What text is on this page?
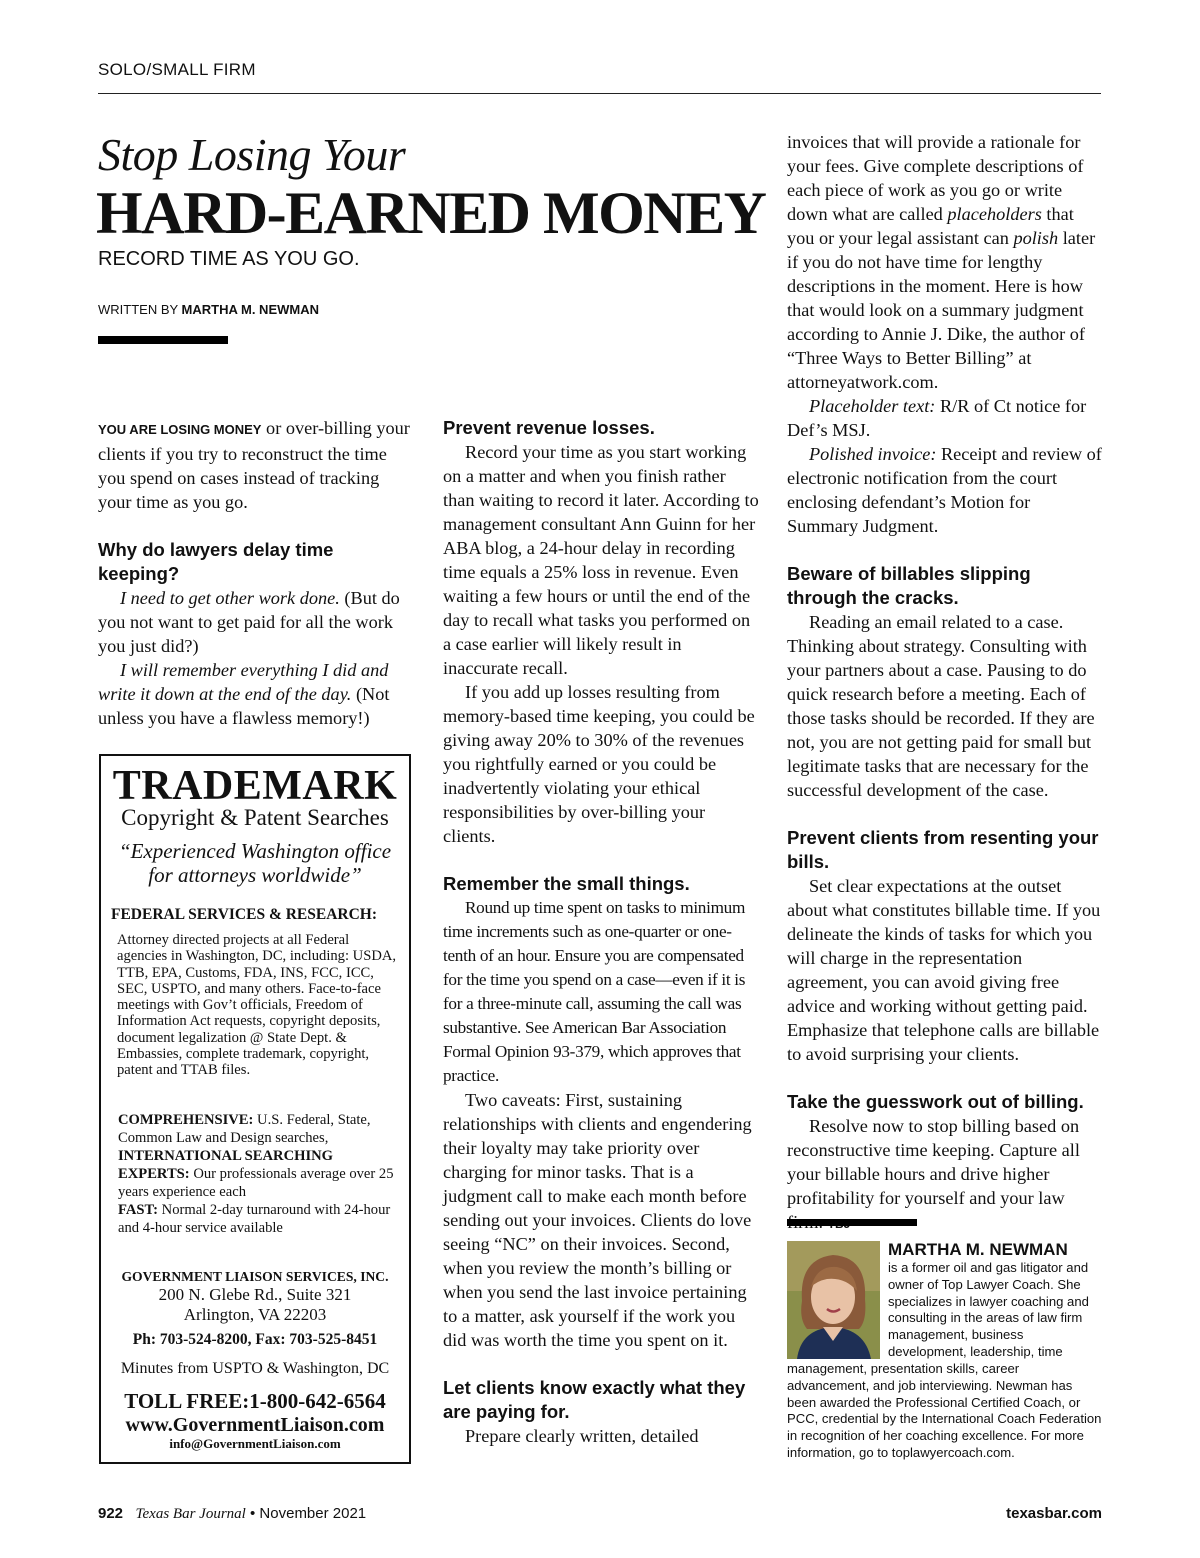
SOLO/SMALL FIRM
Stop Losing Your
HARD-EARNED MONEY
RECORD TIME AS YOU GO.
WRITTEN BY MARTHA M. NEWMAN

YOU ARE LOSING MONEY or over-billing your clients if you try to reconstruct the time you spend on cases instead of tracking your time as you go.

Why do lawyers delay time keeping?

I need to get other work done. (But do you not want to get paid for all the work you just did?)

I will remember everything I did and write it down at the end of the day. (Not unless you have a flawless memory!)

TRADEMARK
Copyright & Patent Searches
“Experienced Washington office
for attorneys worldwide”
FEDERAL SERVICES & RESEARCH:
Attorney directed projects at all Federal agencies in Washington, DC, including: USDA, TTB, EPA, Customs, FDA, INS, FCC, ICC, SEC, USPTO, and many others. Face-to-face meetings with Gov’t officials, Freedom of Information Act requests, copyright deposits, document legalization @ State Dept. & Embassies, complete trademark, copyright, patent and TTAB files.
COMPREHENSIVE: U.S. Federal, State, Common Law and Design searches, INTERNATIONAL SEARCHING EXPERTS: Our professionals average over 25 years experience each
FAST: Normal 2-day turnaround with 24-hour and 4-hour service available
GOVERNMENT LIAISON SERVICES, INC.
200 N. Glebe Rd., Suite 321
Arlington, VA 22203
Ph: 703-524-8200, Fax: 703-525-8451
Minutes from USPTO & Washington, DC
TOLL FREE:1-800-642-6564
www.GovernmentLiaison.com
info@GovernmentLiaison.com
Prevent revenue losses.

Record your time as you start working on a matter and when you finish rather than waiting to record it later. According to management consultant Ann Guinn for her ABA blog, a 24-hour delay in recording time equals a 25% loss in revenue. Even waiting a few hours or until the end of the day to recall what tasks you performed on a case earlier will likely result in inaccurate recall.

If you add up losses resulting from memory-based time keeping, you could be giving away 20% to 30% of the revenues you rightfully earned or you could be inadvertently violating your ethical responsibilities by over-billing your clients.

Remember the small things.

Round up time spent on tasks to minimum time increments such as one-quarter or one-tenth of an hour. Ensure you are compensated for the time you spend on a case—even if it is for a three-minute call, assuming the call was substantive. See American Bar Association Formal Opinion 93-379, which approves that practice.

Two caveats: First, sustaining relationships with clients and engendering their loyalty may take priority over charging for minor tasks. That is a judgment call to make each month before sending out your invoices. Clients do love seeing “NC” on their invoices. Second, when you review the month’s billing or when you send the last invoice pertaining to a matter, ask yourself if the work you did was worth the time you spent on it.

Let clients know exactly what they are paying for.

Prepare clearly written, detailed

invoices that will provide a rationale for your fees. Give complete descriptions of each piece of work as you go or write down what are called placeholders that you or your legal assistant can polish later if you do not have time for lengthy descriptions in the moment. Here is how that would look on a summary judgment according to Annie J. Dike, the author of “Three Ways to Better Billing” at attorneyatwork.com.

Placeholder text: R/R of Ct notice for Def’s MSJ.

Polished invoice: Receipt and review of electronic notification from the court enclosing defendant’s Motion for Summary Judgment.

Beware of billables slipping through the cracks.

Reading an email related to a case. Thinking about strategy. Consulting with your partners about a case. Pausing to do quick research before a meeting. Each of those tasks should be recorded. If they are not, you are not getting paid for small but legitimate tasks that are necessary for the successful development of the case.

Prevent clients from resenting your bills.

Set clear expectations at the outset about what constitutes billable time. If you delineate the kinds of tasks for which you will charge in the representation agreement, you can avoid giving free advice and working without getting paid. Emphasize that telephone calls are billable to avoid surprising your clients.

Take the guesswork out of billing.

Resolve now to stop billing based on reconstructive time keeping. Capture all your billable hours and drive higher profitability for yourself and your law

MARTHA M. NEWMAN
is a former oil and gas litigator and owner of Top Lawyer Coach. She specializes in lawyer coaching and consulting in the areas of law firm management, business development, leadership, time
management, presentation skills, career advancement, and job interviewing. Newman has been awarded the Professional Certified Coach, or PCC, credential by the International Coach Federation in recognition of her coaching excellence. For more information, go to toplawyercoach.com.
922 Texas Bar Journal • November 2021	texasbar.com
